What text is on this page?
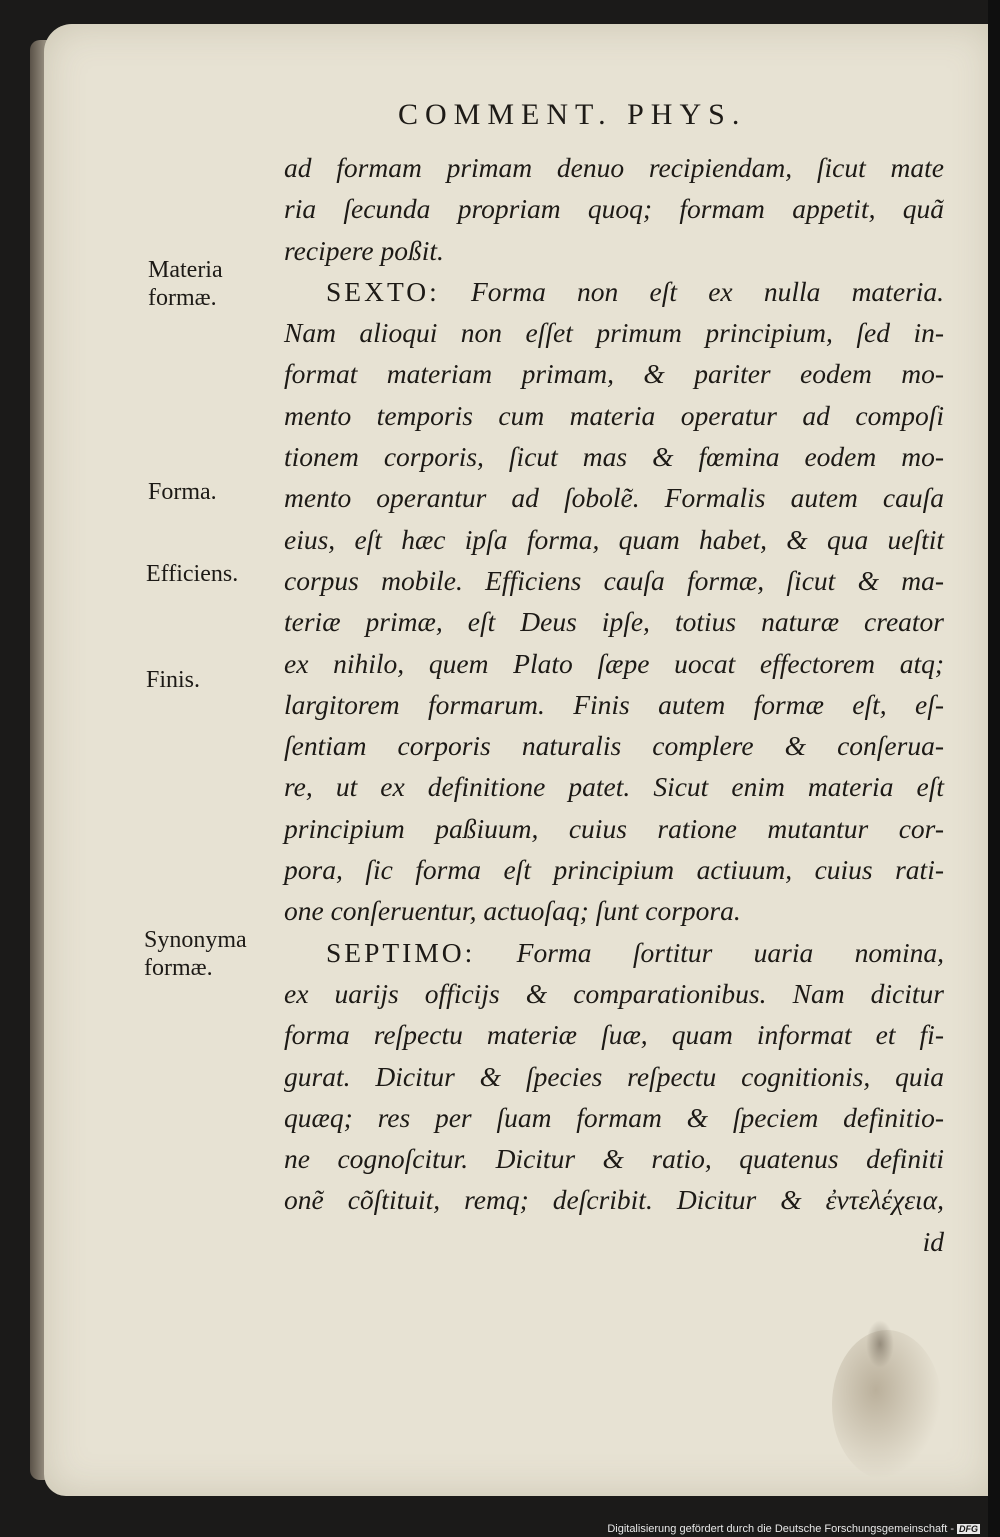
COMMENT. PHYS.
Materia
formæ.
Forma.
Efficiens.
Finis.
Synonyma
formæ.
ad formam primam denuo recipiendam, ſicut mate
ria ſecunda propriam quoq; formam appetit, quã
recipere poßit.
SEXTO: Forma non eſt ex nulla materia.
Nam alioqui non eſſet primum principium, ſed in-
format materiam primam, & pariter eodem mo-
mento temporis cum materia operatur ad compoſi
tionem corporis, ſicut mas & fœmina eodem mo-
mento operantur ad ſobolẽ. Formalis autem cauſa
eius, eſt hæc ipſa forma, quam habet, & qua ueſtit
corpus mobile. Efficiens cauſa formæ, ſicut & ma-
teriæ primæ, eſt Deus ipſe, totius naturæ creator
ex nihilo, quem Plato ſæpe uocat effectorem atq;
largitorem formarum. Finis autem formæ eſt, eſ-
ſentiam corporis naturalis complere & conſerua-
re, ut ex definitione patet. Sicut enim materia eſt
principium paßiuum, cuius ratione mutantur cor-
pora, ſic forma eſt principium actiuum, cuius rati-
one conſeruentur, actuoſaq; ſunt corpora.
SEPTIMO: Forma ſortitur uaria nomina,
ex uarijs officijs & comparationibus. Nam dicitur
forma reſpectu materiæ ſuæ, quam informat et fi-
gurat. Dicitur & ſpecies reſpectu cognitionis, quia
quæq; res per ſuam formam & ſpeciem definitio-
ne cognoſcitur. Dicitur & ratio, quatenus definiti
onẽ cõſtituit, remq; deſcribit. Dicitur & ἐντελέχεια,
id
Digitalisierung gefördert durch die Deutsche Forschungsgemeinschaft - DFG
